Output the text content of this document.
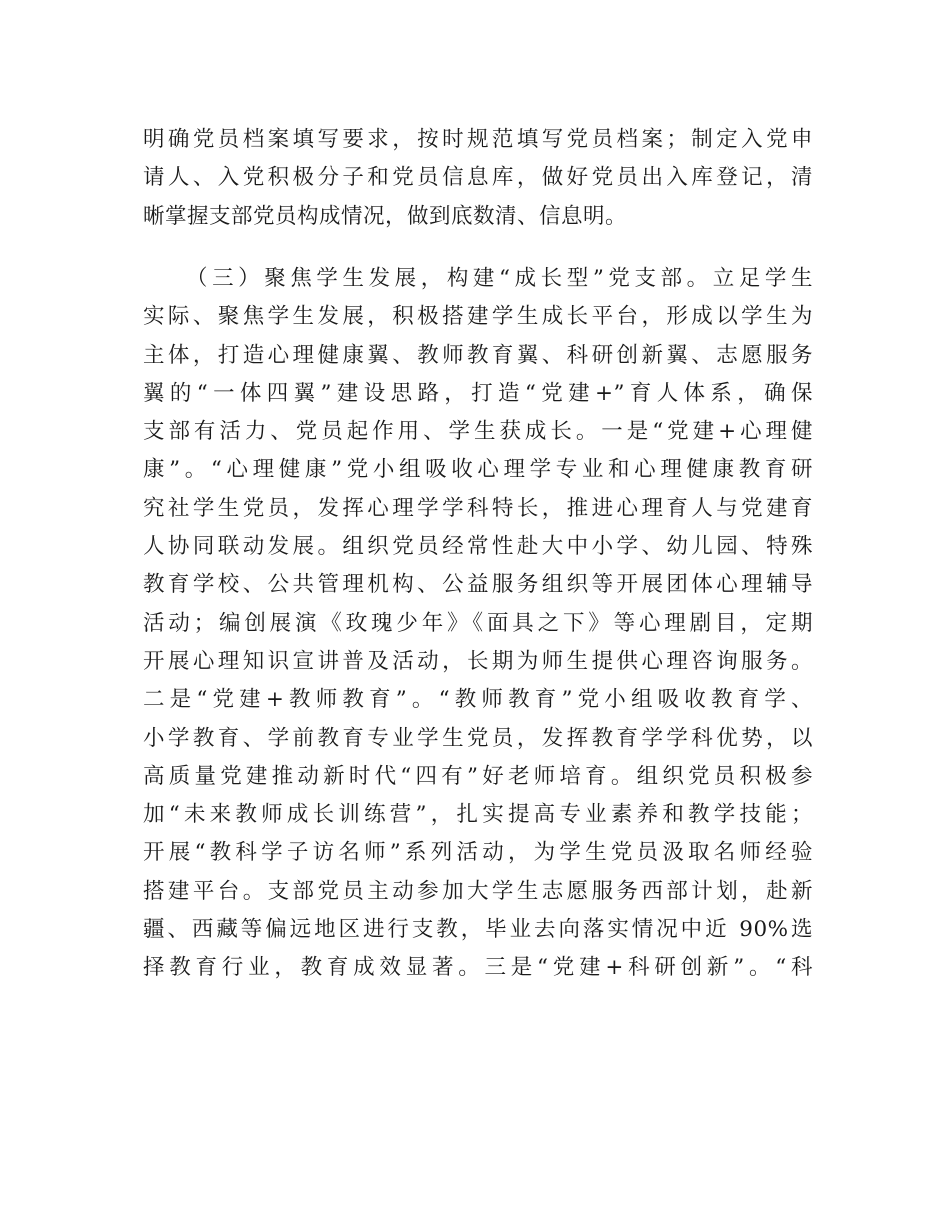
明确党员档案填写要求，按时规范填写党员档案；制定入党申
请人、入党积极分子和党员信息库，做好党员出入库登记，清
晰掌握支部党员构成情况，做到底数清、信息明。
（三）聚焦学生发展，构建“成长型”党支部。立足学生
实际、聚焦学生发展，积极搭建学生成长平台，形成以学生为
主体，打造心理健康翼、教师教育翼、科研创新翼、志愿服务
翼的“一体四翼”建设思路，打造“党建+”育人体系，确保
支部有活力、党员起作用、学生获成长。一是“党建+心理健
康”。“心理健康”党小组吸收心理学专业和心理健康教育研
究社学生党员，发挥心理学学科特长，推进心理育人与党建育
人协同联动发展。组织党员经常性赴大中小学、幼儿园、特殊
教育学校、公共管理机构、公益服务组织等开展团体心理辅导
活动；编创展演《玫瑰少年》《面具之下》等心理剧目，定期
开展心理知识宣讲普及活动，长期为师生提供心理咨询服务。
二是“党建+教师教育”。“教师教育”党小组吸收教育学、
小学教育、学前教育专业学生党员，发挥教育学学科优势，以
高质量党建推动新时代“四有”好老师培育。组织党员积极参
加“未来教师成长训练营”，扎实提高专业素养和教学技能；
开展“教科学子访名师”系列活动，为学生党员汲取名师经验
搭建平台。支部党员主动参加大学生志愿服务西部计划，赴新
疆、西藏等偏远地区进行支教，毕业去向落实情况中近 90%选
择教育行业，教育成效显著。三是“党建+科研创新”。“科
